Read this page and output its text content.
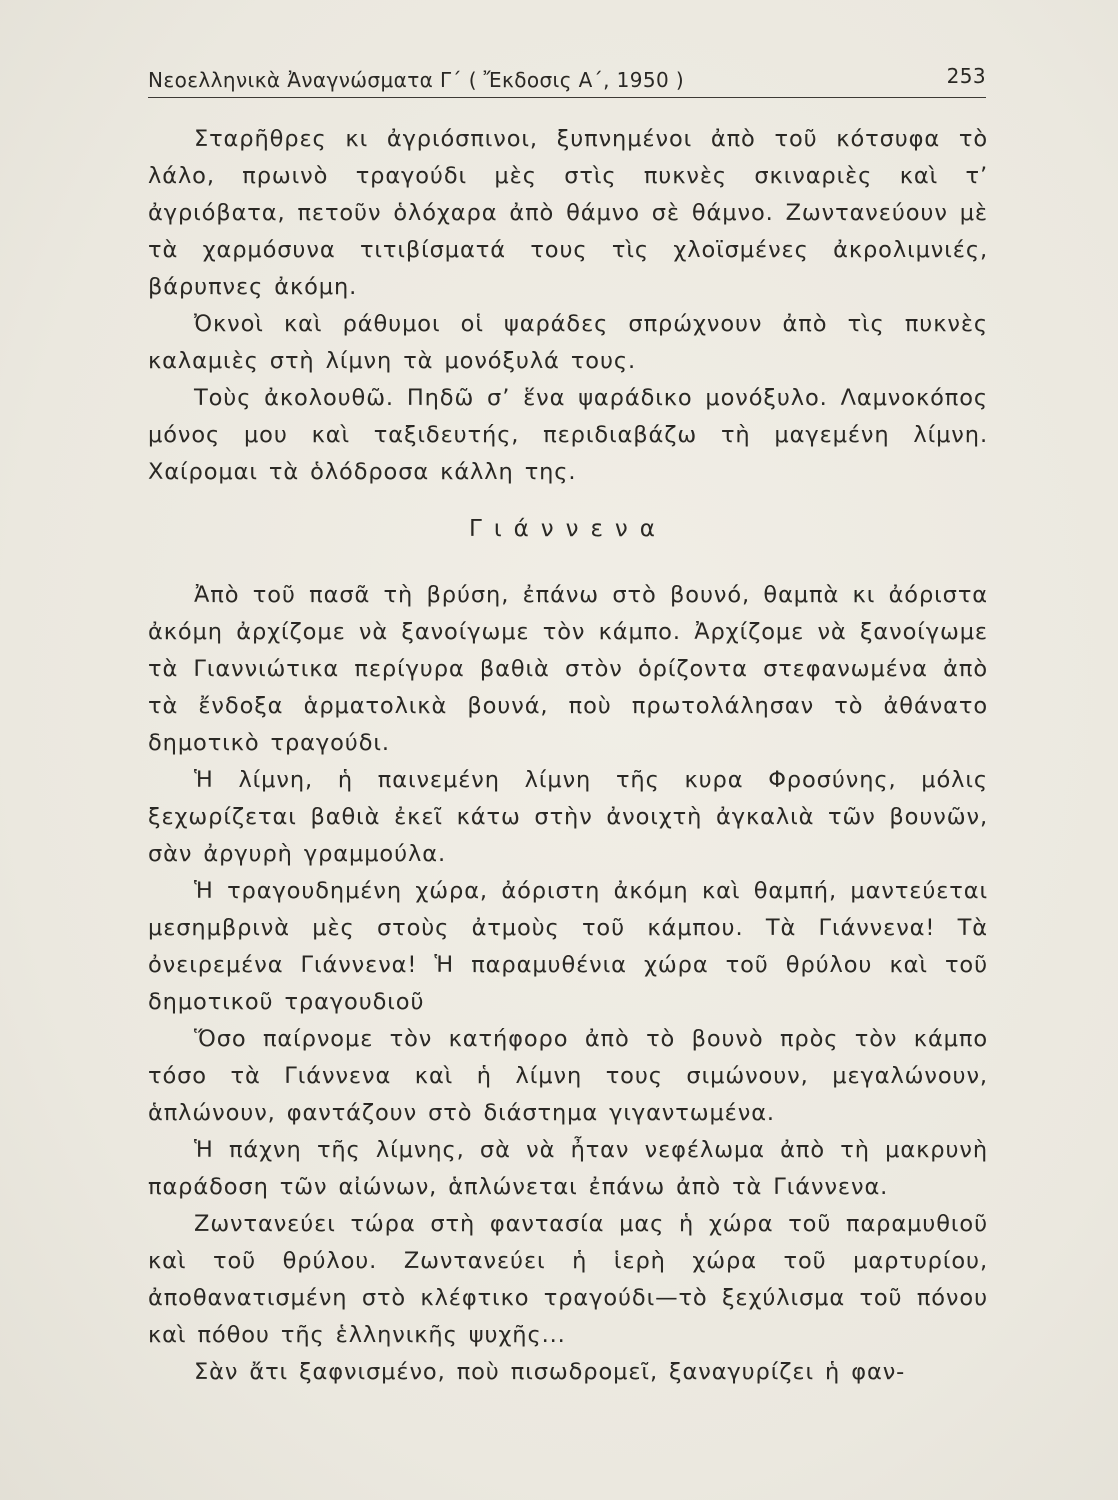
Νεοελληνικὰ Ἀναγνώσματα Γ΄ ( Ἔκδοσις Α΄, 1950 )	253

Σταρῆθρες κι ἀγριόσπινοι, ξυπνημένοι ἀπὸ τοῦ κότσυφα τὸ λάλο, πρωινὸ τραγούδι μὲς στὶς πυκνὲς σκιναριὲς καὶ τ’ ἀγριόβατα, πετοῦν ὁλόχαρα ἀπὸ θάμνο σὲ θάμνο. Ζωντανεύουν μὲ τὰ χαρμόσυνα τιτιβίσματά τους τὶς χλοϊσμένες ἀκρολιμνιές, βάρυπνες ἀκόμη.

Ὀκνοὶ καὶ ράθυμοι οἱ ψαράδες σπρώχνουν ἀπὸ τὶς πυκνὲς καλαμιὲς στὴ λίμνη τὰ μονόξυλά τους.

Τοὺς ἀκολουθῶ. Πηδῶ σ’ ἕνα ψαράδικο μονόξυλο. Λαμνοκόπος μόνος μου καὶ ταξιδευτής, περιδιαβάζω τὴ μαγεμένη λίμνη. Χαίρομαι τὰ ὁλόδροσα κάλλη της.

Γιάννενα

Ἀπὸ τοῦ πασᾶ τὴ βρύση, ἐπάνω στὸ βουνό, θαμπὰ κι ἀόριστα ἀκόμη ἀρχίζομε νὰ ξανοίγωμε τὸν κάμπο. Ἀρχίζομε νὰ ξανοίγωμε τὰ Γιαννιώτικα περίγυρα βαθιὰ στὸν ὁρίζοντα στεφανωμένα ἀπὸ τὰ ἔνδοξα ἁρματολικὰ βουνά, ποὺ πρωτολάλησαν τὸ ἀθάνατο δημοτικὸ τραγούδι.

Ἡ λίμνη, ἡ παινεμένη λίμνη τῆς κυρα Φροσύνης, μόλις ξεχωρίζεται βαθιὰ ἐκεῖ κάτω στὴν ἀνοιχτὴ ἀγκαλιὰ τῶν βουνῶν, σὰν ἀργυρὴ γραμμούλα.

Ἡ τραγουδημένη χώρα, ἀόριστη ἀκόμη καὶ θαμπή, μαντεύεται μεσημβρινὰ μὲς στοὺς ἀτμοὺς τοῦ κάμπου. Τὰ Γιάννενα! Τὰ ὀνειρεμένα Γιάννενα! Ἡ παραμυθένια χώρα τοῦ θρύλου καὶ τοῦ δημοτικοῦ τραγουδιοῦ

Ὅσο παίρνομε τὸν κατήφορο ἀπὸ τὸ βουνὸ πρὸς τὸν κάμπο τόσο τὰ Γιάννενα καὶ ἡ λίμνη τους σιμώνουν, μεγαλώνουν, ἁπλώνουν, φαντάζουν στὸ διάστημα γιγαντωμένα.

Ἡ πάχνη τῆς λίμνης, σὰ νὰ ἦταν νεφέλωμα ἀπὸ τὴ μακρυνὴ παράδοση τῶν αἰώνων, ἁπλώνεται ἐπάνω ἀπὸ τὰ Γιάννενα.

Ζωντανεύει τώρα στὴ φαντασία μας ἡ χώρα τοῦ παραμυθιοῦ καὶ τοῦ θρύλου. Ζωντανεύει ἡ ἱερὴ χώρα τοῦ μαρτυρίου, ἀποθανατισμένη στὸ κλέφτικο τραγούδι—τὸ ξεχύλισμα τοῦ πόνου καὶ πόθου τῆς ἑλληνικῆς ψυχῆς...

Σὰν ἄτι ξαφνισμένο, ποὺ πισωδρομεῖ, ξαναγυρίζει ἡ φαν-
